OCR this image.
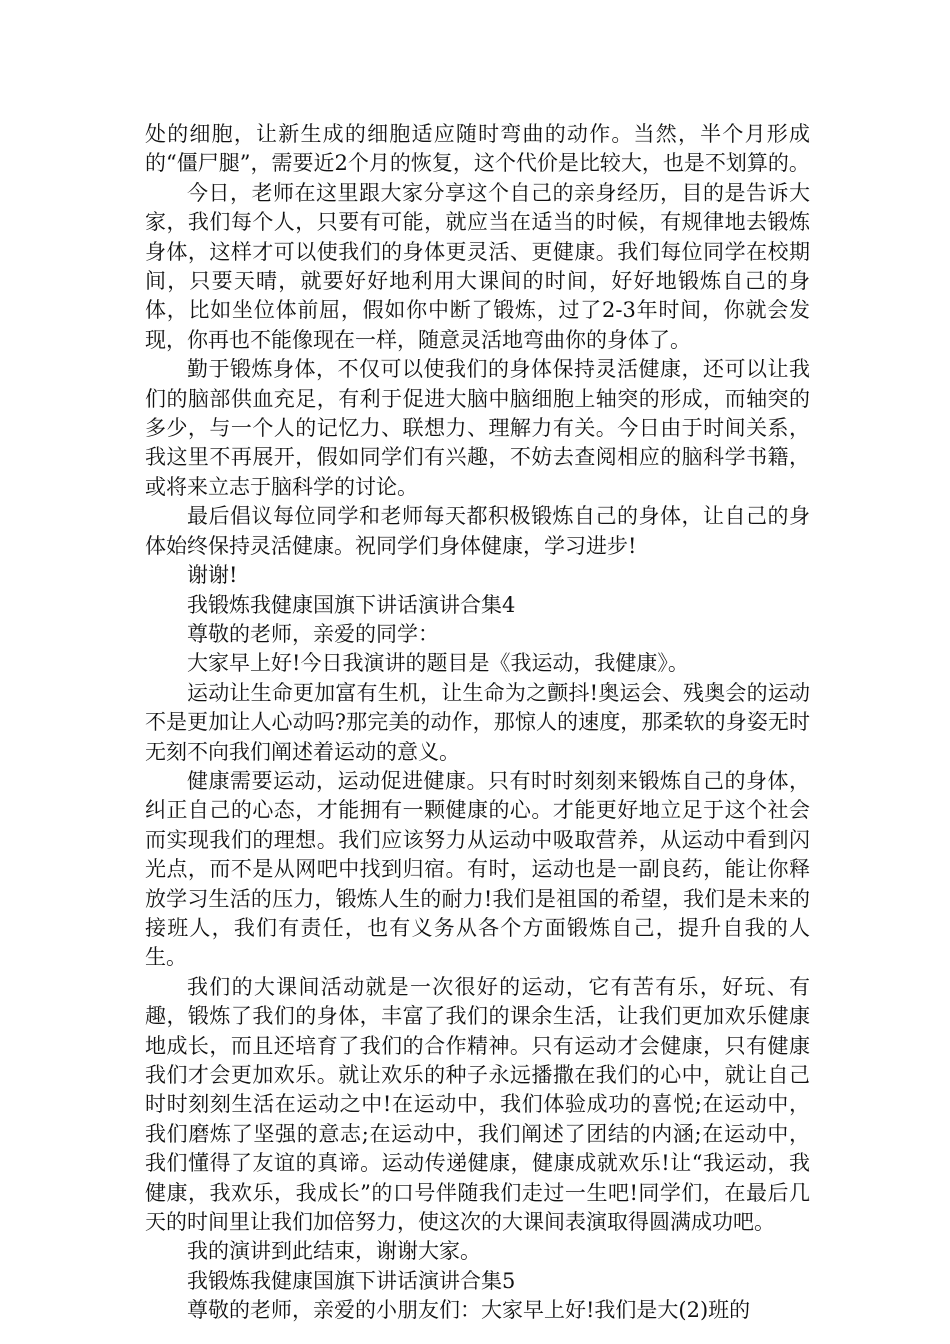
处的细胞，让新生成的细胞适应随时弯曲的动作。当然，半个月形成的“僵尸腿”，需要近2个月的恢复，这个代价是比较大，也是不划算的。

今日，老师在这里跟大家分享这个自己的亲身经历，目的是告诉大家，我们每个人，只要有可能，就应当在适当的时候，有规律地去锻炼身体，这样才可以使我们的身体更灵活、更健康。我们每位同学在校期间，只要天晴，就要好好地利用大课间的时间，好好地锻炼自己的身体，比如坐位体前屈，假如你中断了锻炼，过了2-3年时间，你就会发现，你再也不能像现在一样，随意灵活地弯曲你的身体了。

勤于锻炼身体，不仅可以使我们的身体保持灵活健康，还可以让我们的脑部供血充足，有利于促进大脑中脑细胞上轴突的形成，而轴突的多少，与一个人的记忆力、联想力、理解力有关。今日由于时间关系，我这里不再展开，假如同学们有兴趣，不妨去查阅相应的脑科学书籍，或将来立志于脑科学的讨论。

最后倡议每位同学和老师每天都积极锻炼自己的身体，让自己的身体始终保持灵活健康。祝同学们身体健康，学习进步!

谢谢!

我锻炼我健康国旗下讲话演讲合集4

尊敬的老师，亲爱的同学：

大家早上好!今日我演讲的题目是《我运动，我健康》。

运动让生命更加富有生机，让生命为之颤抖!奥运会、残奥会的运动不是更加让人心动吗?那完美的动作，那惊人的速度，那柔软的身姿无时无刻不向我们阐述着运动的意义。

健康需要运动，运动促进健康。只有时时刻刻来锻炼自己的身体，纠正自己的心态，才能拥有一颗健康的心。才能更好地立足于这个社会而实现我们的理想。我们应该努力从运动中吸取营养，从运动中看到闪光点，而不是从网吧中找到归宿。有时，运动也是一副良药，能让你释放学习生活的压力，锻炼人生的耐力!我们是祖国的希望，我们是未来的接班人，我们有责任，也有义务从各个方面锻炼自己，提升自我的人生。

我们的大课间活动就是一次很好的运动，它有苦有乐，好玩、有趣，锻炼了我们的身体，丰富了我们的课余生活，让我们更加欢乐健康地成长，而且还培育了我们的合作精神。只有运动才会健康，只有健康我们才会更加欢乐。就让欢乐的种子永远播撒在我们的心中，就让自己时时刻刻生活在运动之中!在运动中，我们体验成功的喜悦;在运动中，我们磨炼了坚强的意志;在运动中，我们阐述了团结的内涵;在运动中，我们懂得了友谊的真谛。运动传递健康，健康成就欢乐!让“我运动，我健康，我欢乐，我成长”的口号伴随我们走过一生吧!同学们，在最后几天的时间里让我们加倍努力，使这次的大课间表演取得圆满成功吧。

我的演讲到此结束，谢谢大家。

我锻炼我健康国旗下讲话演讲合集5

尊敬的老师，亲爱的小朋友们：大家早上好!我们是大(2)班的
